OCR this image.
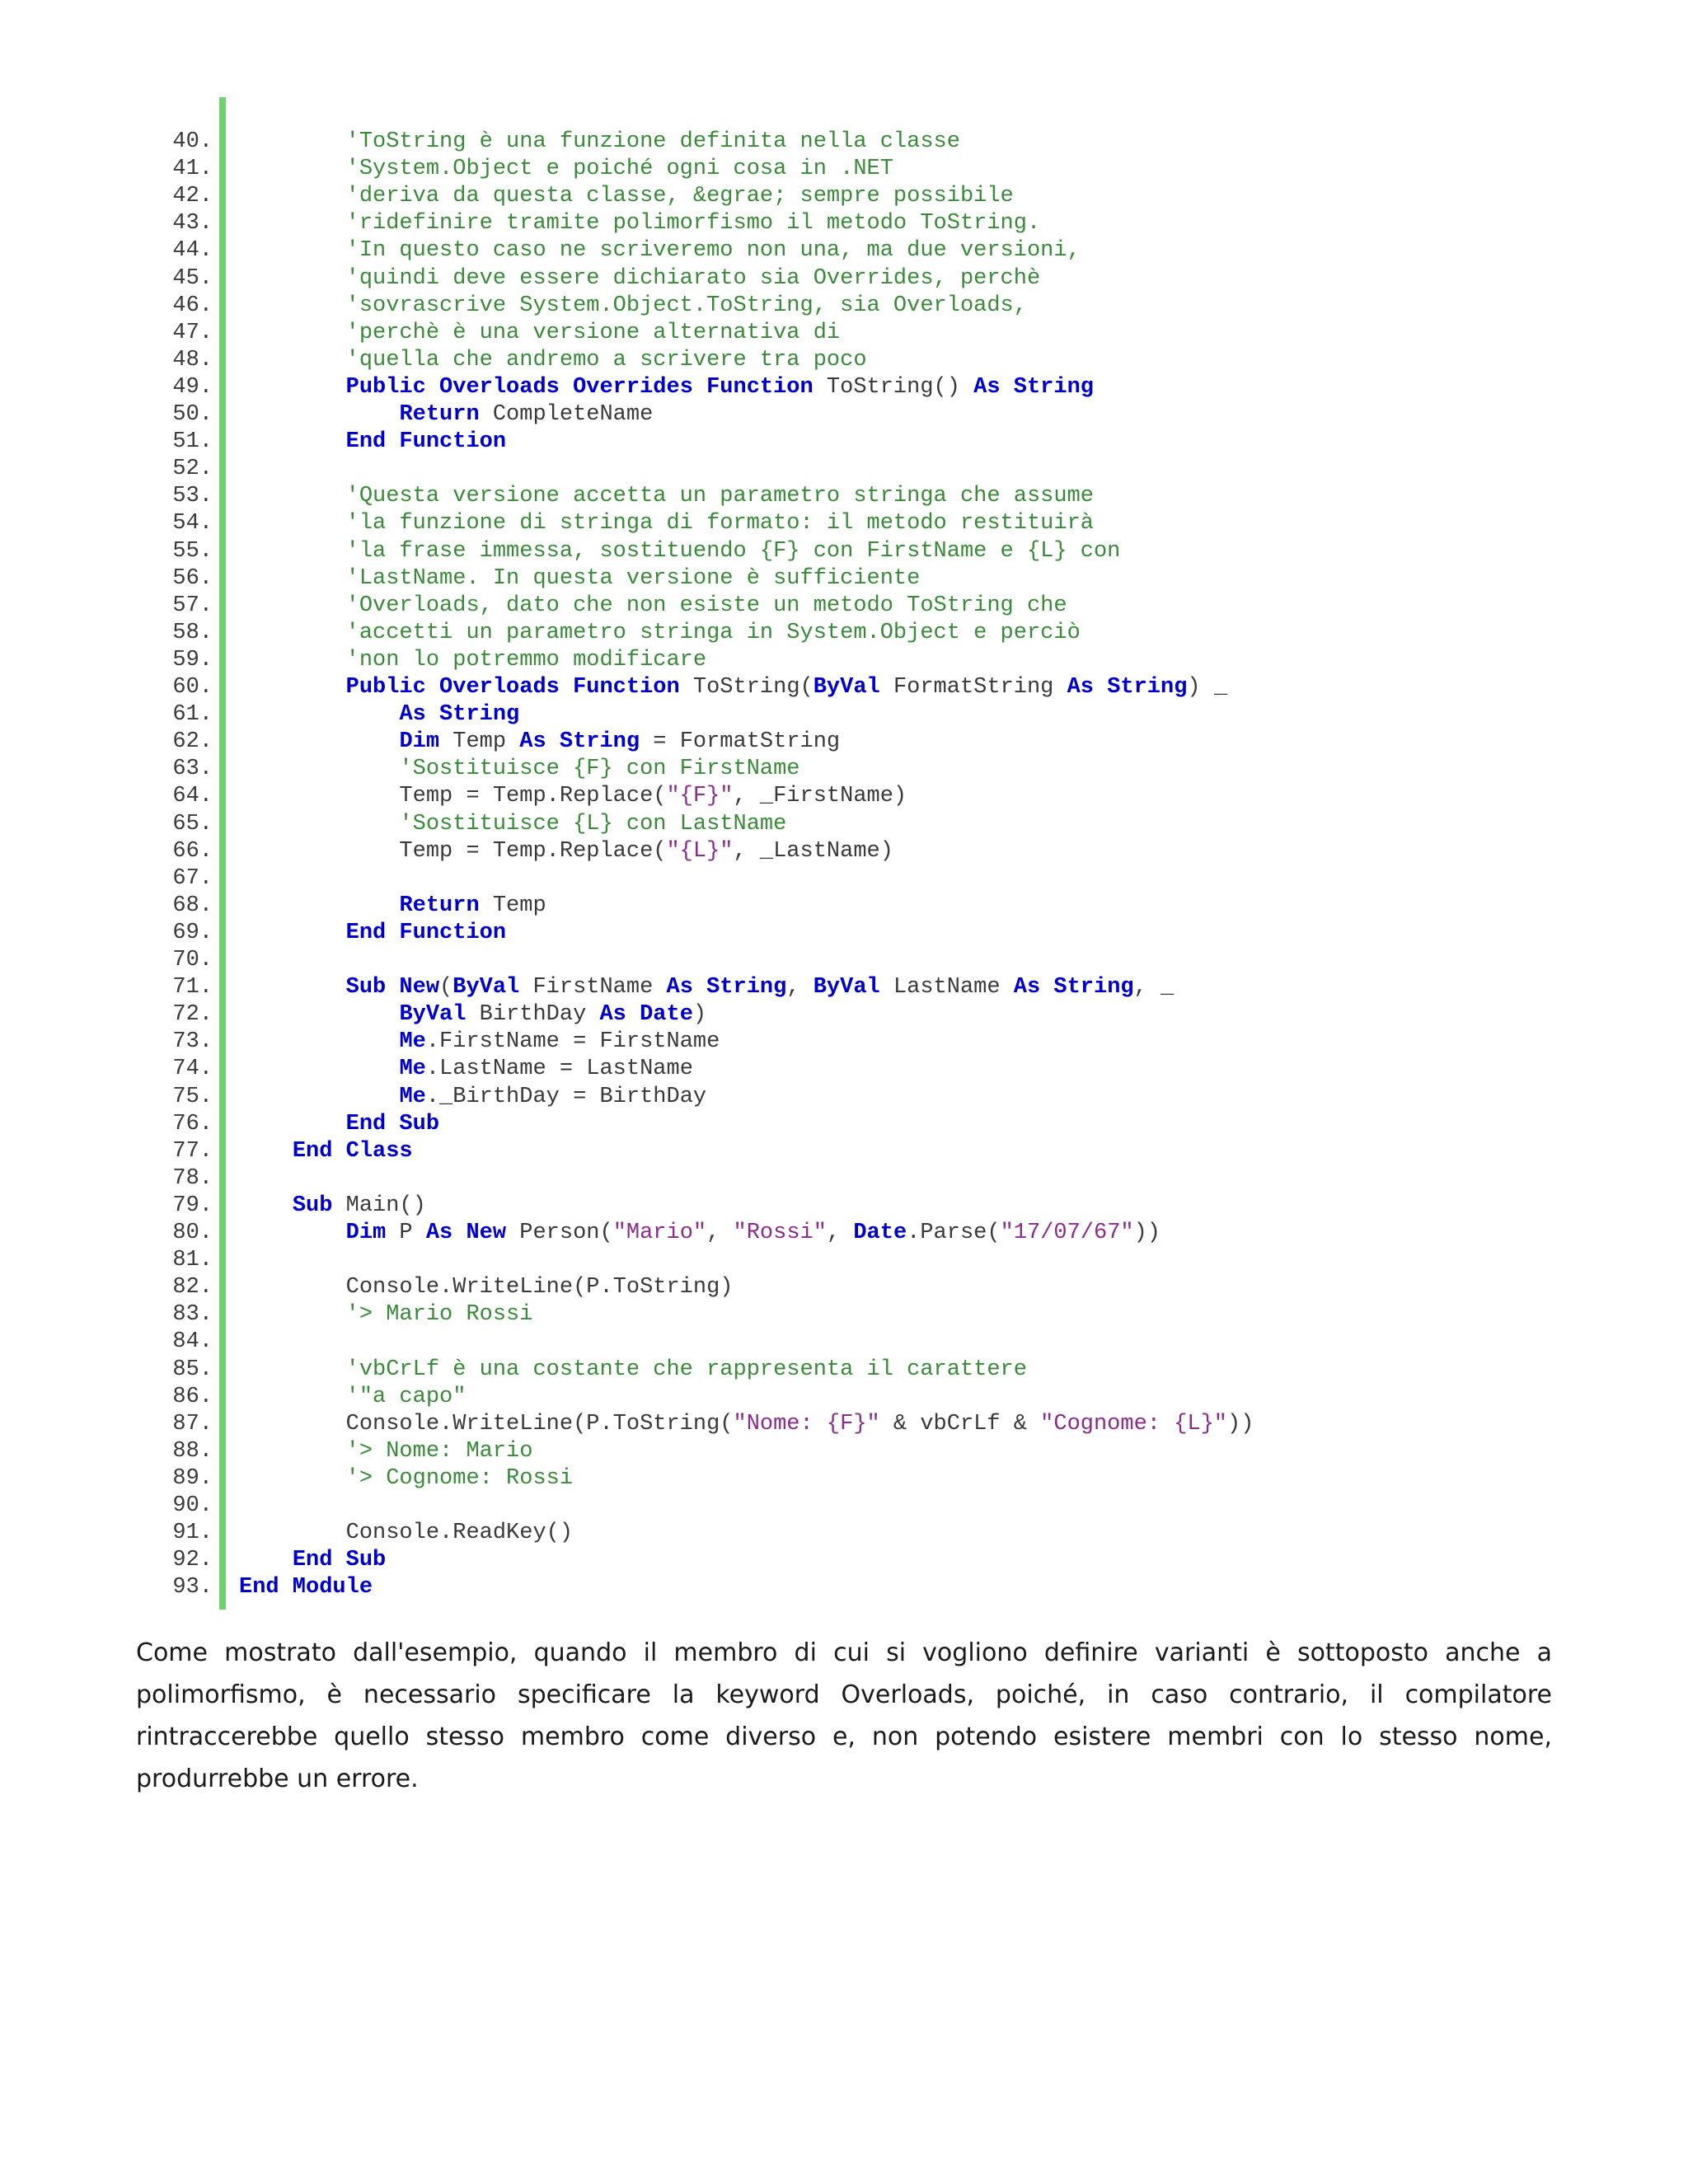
40. 'ToString è una funzione definita nella classe
41. 'System.Object e poiché ogni cosa in .NET
42. 'deriva da questa classe, &egrae; sempre possibile
43. 'ridefinire tramite polimorfismo il metodo ToString.
44. 'In questo caso ne scriveremo non una, ma due versioni,
45. 'quindi deve essere dichiarato sia Overrides, perchè
46. 'sovrascrive System.Object.ToString, sia Overloads,
47. 'perchè è una versione alternativa di
48. 'quella che andremo a scrivere tra poco
49.	Public Overloads Overrides Function ToString() As String
50.	Return CompleteName
51.	End Function
52.
53. 'Questa versione accetta un parametro stringa che assume
54. 'la funzione di stringa di formato: il metodo restituirà
55. 'la frase immessa, sostituendo {F} con FirstName e {L} con
56. 'LastName. In questa versione è sufficiente
57. 'Overloads, dato che non esiste un metodo ToString che
58. 'accetti un parametro stringa in System.Object e perciò
59. 'non lo potremmo modificare
60.	Public Overloads Function ToString(ByVal FormatString As String) _
61.	As String
62.	Dim Temp As String = FormatString
63. 'Sostituisce {F} con FirstName
64. Temp = Temp.Replace("{F}", _FirstName)
65. 'Sostituisce {L} con LastName
66. Temp = Temp.Replace("{L}", _LastName)
67.
68.	Return Temp
69.	End Function
70.
71.	Sub New(ByVal FirstName As String, ByVal LastName As String, _
72.	ByVal BirthDay As Date)
73.	Me.FirstName = FirstName
74.	Me.LastName = LastName
75.	Me._BirthDay = BirthDay
76.	End Sub
77.	End Class
78.
79.	Sub Main()
80.	Dim P As New Person("Mario", "Rossi", Date.Parse("17/07/67"))
81.
82. Console.WriteLine(P.ToString)
83. '> Mario Rossi
84.
85. 'vbCrLf è una costante che rappresenta il carattere
86. '"a capo"
87. Console.WriteLine(P.ToString("Nome: {F}" & vbCrLf & "Cognome: {L}"))
88. '> Nome: Mario
89. '> Cognome: Rossi
90.
91. Console.ReadKey()
92.	End Sub
93. End Module
Come mostrato dall'esempio, quando il membro di cui si vogliono definire varianti è sottoposto anche a polimorfismo, è necessario specificare la keyword Overloads, poiché, in caso contrario, il compilatore rintraccerebbe quello stesso membro come diverso e, non potendo esistere membri con lo stesso nome, produrrebbe un errore.
